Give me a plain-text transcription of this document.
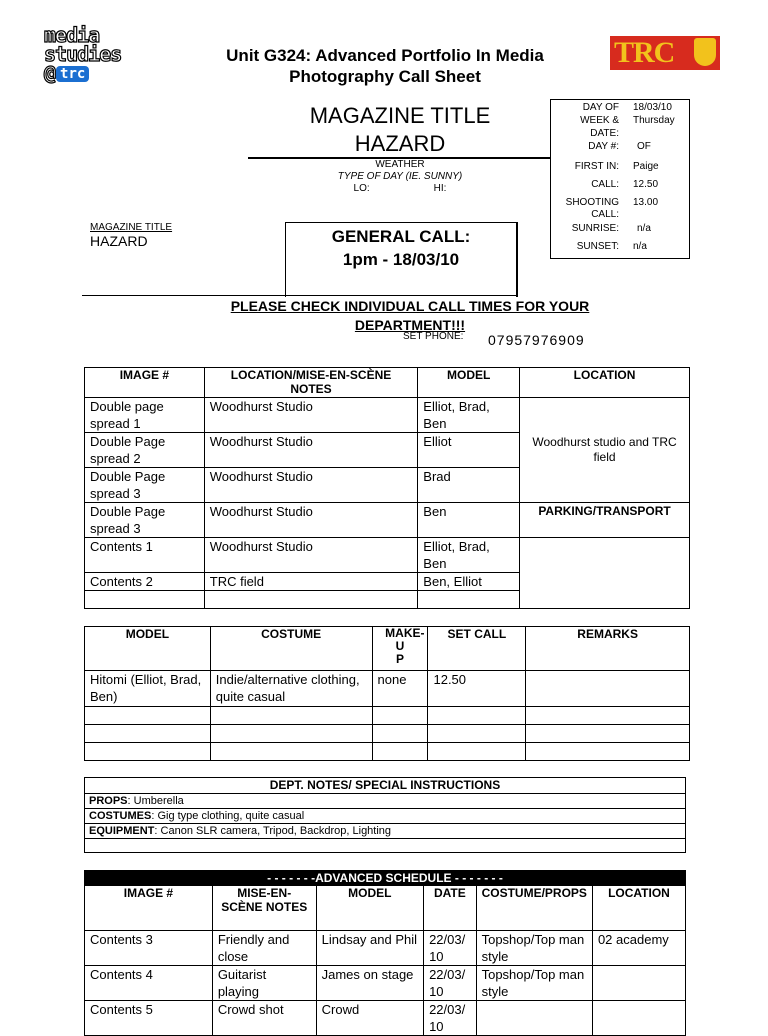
media
studies
@ trc
TRC
Unit G324: Advanced Portfolio In Media
Photography Call Sheet
MAGAZINE TITLE
HAZARD
WEATHER
TYPE OF DAY (IE. SUNNY)
LO:	HI:
DAY OF 18/03/10
WEEK & Thursday
DATE:
DAY #: OF
FIRST IN: Paige
CALL: 12.50
SHOOTING 13.00
CALL:
SUNRISE: n/a
SUNSET: n/a
MAGAZINE TITLE
HAZARD	GENERAL CALL:
1pm - 18/03/10
PLEASE CHECK INDIVIDUAL CALL TIMES FOR YOUR
DEPARTMENT!!!
SET PHONE: 07957976909
IMAGE #	LOCATION/MISE-EN-SCÈNE NOTES	MODEL	LOCATION
Double page spread 1	Woodhurst Studio	Elliot, Brad, Ben	Woodhurst studio and TRC field
Double Page spread 2	Woodhurst Studio	Elliot	
Double Page spread 3	Woodhurst Studio	Brad	
Double Page spread 3	Woodhurst Studio	Ben	PARKING/TRANSPORT
Contents 1	Woodhurst Studio	Elliot, Brad, Ben	
Contents 2	TRC field	Ben, Elliot	

MODEL	COSTUME	MAKE-
U
P	SET CALL	REMARKS
Hitomi (Elliot, Brad, Ben)	Indie/alternative clothing, quite casual	none	12.50	

DEPT. NOTES/ SPECIAL INSTRUCTIONS
PROPS: Umberella
COSTUMES: Gig type clothing, quite casual
EQUIPMENT: Canon SLR camera, Tripod, Backdrop, Lighting

- - - - - - -ADVANCED SCHEDULE - - - - - - -					
IMAGE #	MISE-EN-SCÈNE NOTES	MODEL	DATE	COSTUME/PROPS	LOCATION
Contents 3	Friendly and close	Lindsay and Phil	22/03/10	Topshop/Top man style	02 academy
Contents 4	Guitarist playing	James on stage	22/03/10	Topshop/Top man style	
Contents 5	Crowd shot	Crowd	22/03/10		
